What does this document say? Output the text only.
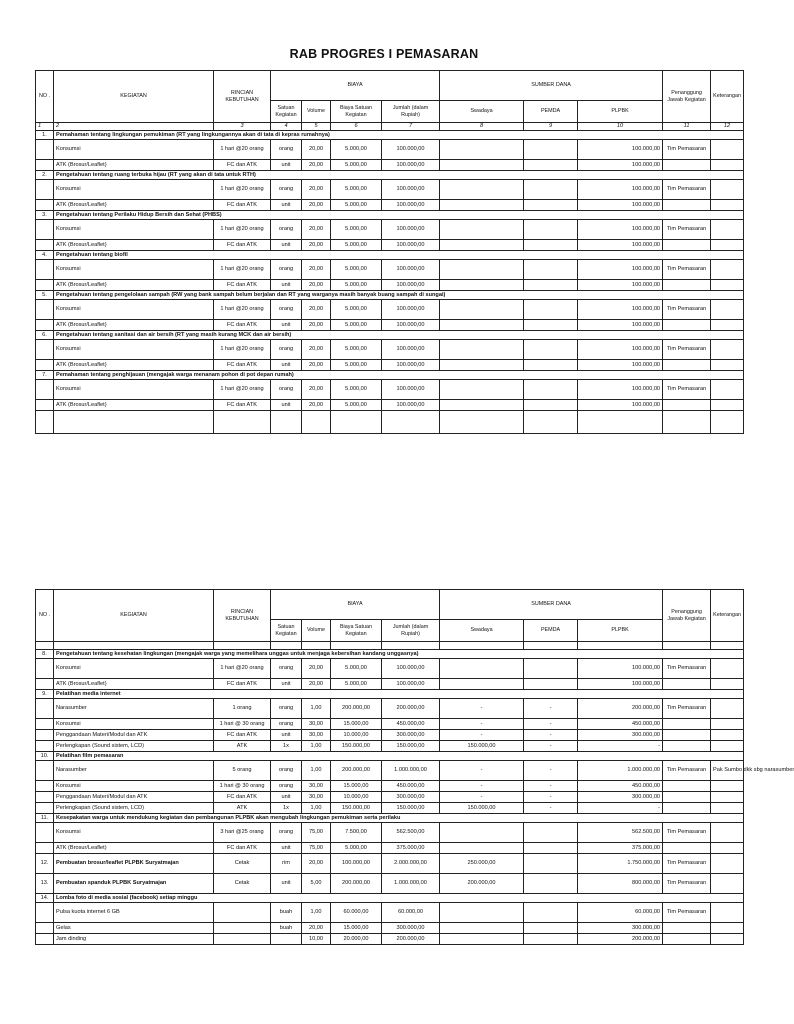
RAB PROGRES I PEMASARAN
NO .	KEGIATAN	RINCIAN KEBUTUHAN	BIAYA				SUMBER DANA			Penanggung Jawab Kegiatan	Keterangan
			Satuan Kegiatan	Volume	Biaya Satuan Kegiatan	Jumlah (dalam Rupiah)	Swadaya	PEMDA	PLPBK		
1	2	3	4	5	6	7	8	9	10	11	12
1.	Pemahaman tentang lingkungan pemukiman (RT yang lingkungannya akan di tata di kepras rumahnya)										
	Konsumsi	1 hari @20 orang	orang	20,00	5.000,00	100.000,00			100.000,00	Tim Pemasaran	
	ATK (Brosur/Leaflet)	FC dan ATK	unit	20,00	5.000,00	100.000,00			100.000,00		
2.	Pengetahuan tentang ruang terbuka hijau (RT yang akan di tata untuk RTH)										
	Konsumsi	1 hari @20 orang	orang	20,00	5.000,00	100.000,00			100.000,00	Tim Pemasaran	
	ATK (Brosur/Leaflet)	FC dan ATK	unit	20,00	5.000,00	100.000,00			100.000,00		
3.	Pengetahuan tentang Perilaku Hidup Bersih dan Sehat (PHBS)										
	Konsumsi	1 hari @20 orang	orang	20,00	5.000,00	100.000,00			100.000,00	Tim Pemasaran	
	ATK (Brosur/Leaflet)	FC dan ATK	unit	20,00	5.000,00	100.000,00			100.000,00		
4.	Pengetahuan tentang biofil										
	Konsumsi	1 hari @20 orang	orang	20,00	5.000,00	100.000,00			100.000,00	Tim Pemasaran	
	ATK (Brosur/Leaflet)	FC dan ATK	unit	20,00	5.000,00	100.000,00			100.000,00		
5.	Pengetahuan tentang pengelolaan sampah (RW yang bank sampah belum berjalan dan RT yang warganya masih banyak buang sampah di sungai)										
	Konsumsi	1 hari @20 orang	orang	20,00	5.000,00	100.000,00			100.000,00	Tim Pemasaran	
	ATK (Brosur/Leaflet)	FC dan ATK	unit	20,00	5.000,00	100.000,00			100.000,00		
6.	Pengetahuan tentang sanitasi dan air bersih (RT yang masih kurang MCK dan air bersih)										
	Konsumsi	1 hari @20 orang	orang	20,00	5.000,00	100.000,00			100.000,00	Tim Pemasaran	
	ATK (Brosur/Leaflet)	FC dan ATK	unit	20,00	5.000,00	100.000,00			100.000,00		
7.	Pemahaman tentang penghijauan (mengajak warga menanam pohon di pot depan rumah)										
	Konsumsi	1 hari @20 orang	orang	20,00	5.000,00	100.000,00			100.000,00	Tim Pemasaran	
	ATK (Brosur/Leaflet)	FC dan ATK	unit	20,00	5.000,00	100.000,00			100.000,00		

NO .	KEGIATAN	RINCIAN KEBUTUHAN	BIAYA				SUMBER DANA			Penanggung Jawab Kegiatan	Keterangan
			Satuan Kegiatan	Volume	Biaya Satuan Kegiatan	Jumlah (dalam Rupiah)	Swadaya	PEMDA	PLPBK		

8.	Pengetahuan tentang kesehatan lingkungan (mengajak warga yang memelihara unggas untuk menjaga kebersihan kandang unggasnya)										
	Konsumsi	1 hari @20 orang	orang	20,00	5.000,00	100.000,00			100.000,00	Tim Pemasaran	
	ATK (Brosur/Leaflet)	FC dan ATK	unit	20,00	5.000,00	100.000,00			100.000,00		
9.	Pelatihan media internet										
	Narasumber	1 orang	orang	1,00	200.000,00	200.000,00	-	-	200.000,00	Tim Pemasaran	
	Konsumsi	1 hari @ 30 orang	orang	30,00	15.000,00	450.000,00	-	-	450.000,00		
	Penggandaan Materi/Modul dan ATK	FC dan ATK	unit	30,00	10.000,00	300.000,00	-	-	300.000,00		
	Perlengkapan (Sound sistem, LCD)	ATK	1x	1,00	150.000,00	150.000,00	150.000,00	-	-		
10.	Pelatihan film pemasaran										
	Narasumber	5 orang	orang	1,00	200.000,00	1.000.000,00	-	-	1.000.000,00	Tim Pemasaran	Pak Sumbo dkk sbg narasumber
	Konsumsi	1 hari @ 30 orang	orang	30,00	15.000,00	450.000,00	-	-	450.000,00		
	Penggandaan Materi/Modul dan ATK	FC dan ATK	unit	30,00	10.000,00	300.000,00	-	-	300.000,00		
	Perlengkapan (Sound sistem, LCD)	ATK	1x	1,00	150.000,00	150.000,00	150.000,00	-	-		
11.	Kesepakatan warga untuk mendukung kegiatan dan pembangunan PLPBK akan mengubah lingkungan pemukiman serta perilaku										
	Konsumsi	3 hari @25 orang	orang	75,00	7.500,00	562.500,00			562.500,00	Tim Pemasaran	
	ATK (Brosur/Leaflet)	FC dan ATK	unit	75,00	5.000,00	375.000,00			375.000,00		
12.	Pembuatan brosur/leaflet PLPBK Suryatmajan	Cetak	rim	20,00	100.000,00	2.000.000,00	250.000,00		1.750.000,00	Tim Pemasaran	
13.	Pembuatan spanduk PLPBK Suryatmajan	Cetak	unit	5,00	200.000,00	1.000.000,00	200.000,00		800.000,00	Tim Pemasaran	
14.	Lomba foto di media sosial (facebook) setiap minggu										
	Pulsa kuota internet 6 GB		buah	1,00	60.000,00	60.000,00			60.000,00	Tim Pemasaran	
	Gelas		buah	20,00	15.000,00	300.000,00			300.000,00		
	Jam dinding			10,00	20.000,00	200.000,00			200.000,00		
